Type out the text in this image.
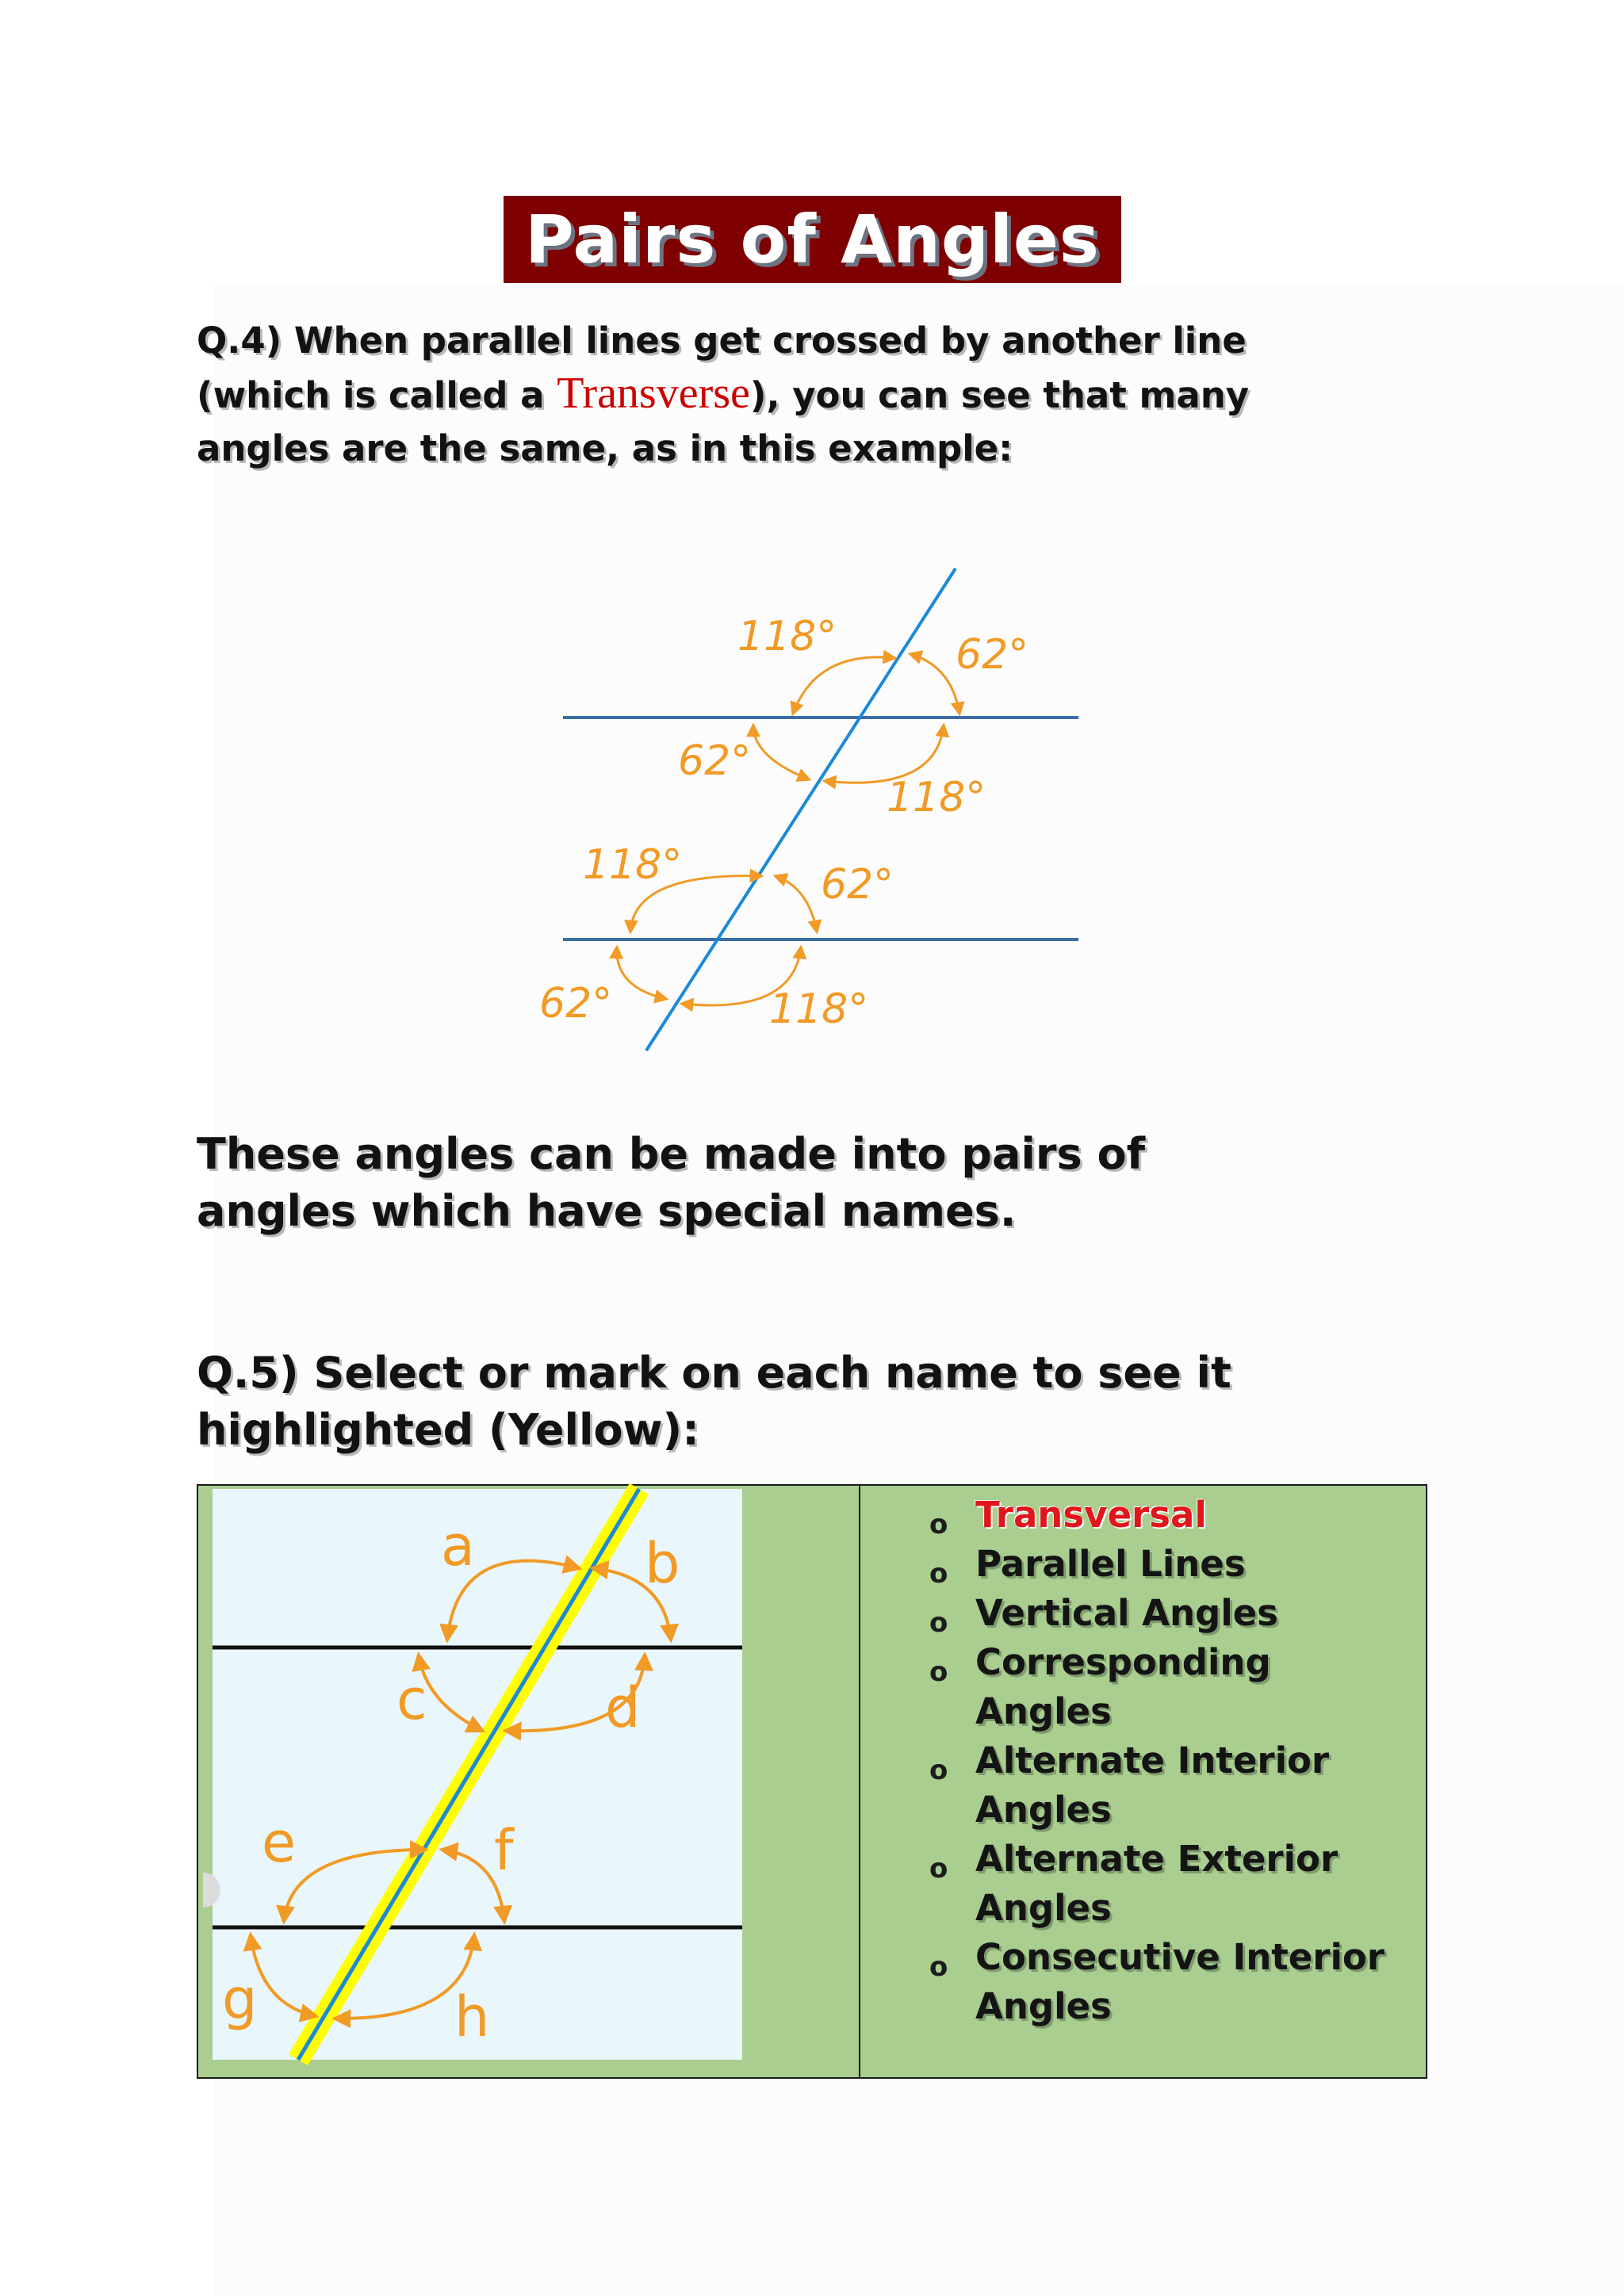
Pairs of Angles

Q.4) When parallel lines get crossed by another line (which is called a Transverse), you can see that many angles are the same, as in this example:

118°	62°
62°
118°
118°	62°
62°	118°

These angles can be made into pairs of angles which have special names.

Q.5) Select or mark on each name to see it highlighted (Yellow):

a	b
c	d
e	f
g	h
o Transversal
o Parallel Lines
o Vertical Angles
o Corresponding Angles
o Alternate Interior Angles
o Alternate Exterior Angles
o Consecutive Interior Angles
